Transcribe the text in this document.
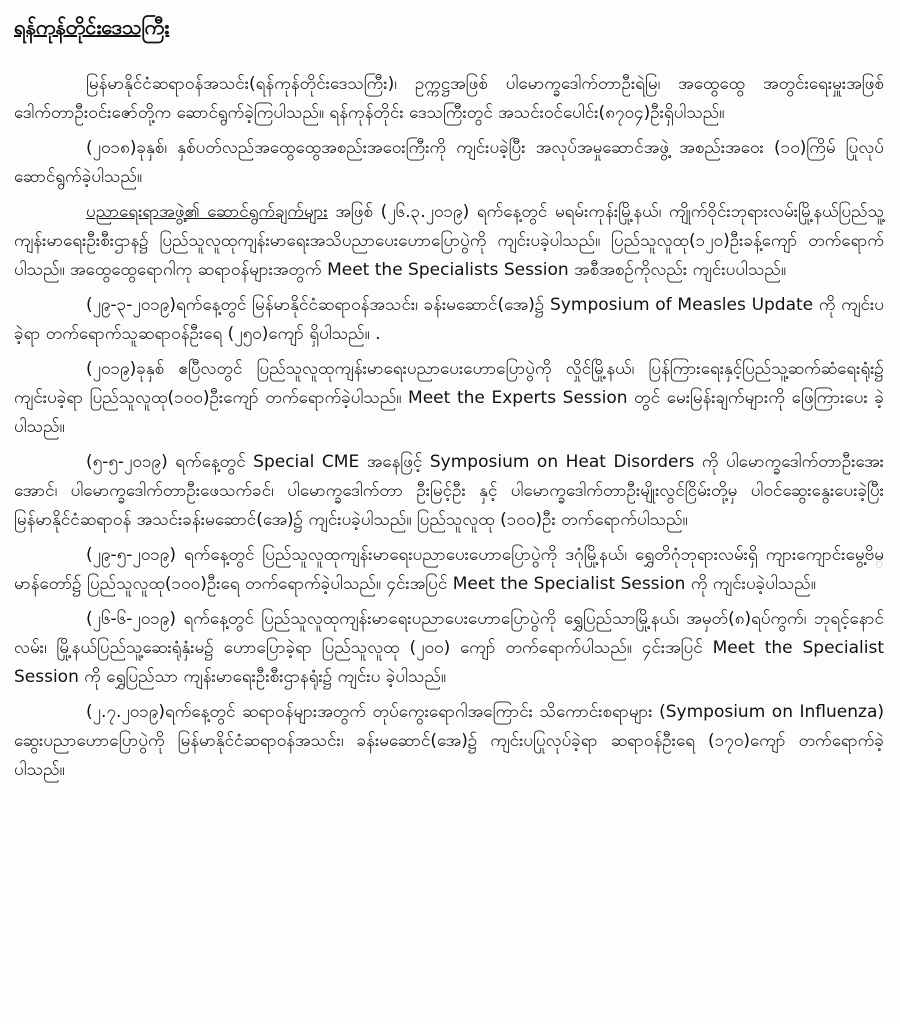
ရန်ကုန်တိုင်းဒေသကြီး

မြန်မာနိုင်ငံဆရာဝန်အသင်း(ရန်ကုန်တိုင်းဒေသကြီး)၊ ဥက္ကဋ္ဌအဖြစ် ပါမောက္ခဒေါက်တာဦးရဲမြ၊ အထွေထွေ အတွင်းရေးမှူးအဖြစ် ဒေါက်တာဦးဝင်းဇော်တို့က ဆောင်ရွက်ခဲ့ကြပါသည်။ ရန်ကုန်တိုင်း ဒေသကြီးတွင် အသင်းဝင်ပေါင်း(၈၇၀၄)ဦးရှိပါသည်။

(၂၀၁၈)ခုနှစ်၊ နှစ်ပတ်လည်အထွေထွေအစည်းအဝေးကြီးကို ကျင်းပခဲ့ပြီး အလုပ်အမှုဆောင်အဖွဲ့ အစည်းအဝေး (၁၀)ကြိမ် ပြုလုပ်ဆောင်ရွက်ခဲ့ပါသည်။

ပညာရေးရာအဖွဲ့၏ ဆောင်ရွက်ချက်များ အဖြစ် (၂၆.၃.၂၀၁၉) ရက်နေ့တွင် မရမ်းကုန်းမြို့နယ်၊ ကျိုက်ဝိုင်းဘုရားလမ်းမြို့နယ်ပြည်သူ့ကျန်းမာရေးဦးစီးဌာန၌ ပြည်သူလူထုကျန်းမာရေးအသိပညာပေးဟောပြောပွဲကို ကျင်းပခဲ့ပါသည်။ ပြည်သူလူထု(၁၂၀)ဦးခန့်ကျော် တက်ရောက်ပါသည်။ အထွေထွေရောဂါကု ဆရာဝန်များအတွက် Meet the Specialists Session အစီအစဉ်ကိုလည်း ကျင်းပပါသည်။

(၂၉-၃-၂၀၁၉)ရက်နေ့တွင် မြန်မာနိုင်ငံဆရာဝန်အသင်း၊ ခန်းမဆောင်(အေ)၌ Symposium of Measles Update ကို ကျင်းပခဲ့ရာ တက်ရောက်သူဆရာဝန်ဦးရေ (၂၅၀)ကျော် ရှိပါသည်။ .

(၂၀၁၉)ခုနှစ် ဧပြီလတွင် ပြည်သူလူထုကျန်းမာရေးပညာပေးဟောပြောပွဲကို လှိုင်မြို့နယ်၊ ပြန်ကြားရေးနှင့်ပြည်သူ့ဆက်ဆံရေးရုံး၌ ကျင်းပခဲ့ရာ ပြည်သူလူထု(၁၀၀)ဦးကျော် တက်ရောက်ခဲ့ပါသည်။ Meet the Experts Session တွင် မေးမြန်းချက်များကို ဖြေကြားပေး ခဲ့ပါသည်။

(၅-၅-၂၀၁၉) ရက်နေ့တွင် Special CME အနေဖြင့် Symposium on Heat Disorders ကို ပါမောက္ခဒေါက်တာဦးအေးအောင်၊ ပါမောက္ခဒေါက်တာဦးဖေသက်ခင်၊ ပါမောက္ခဒေါက်တာ ဦးမြင့်ဦး နှင့် ပါမောက္ခဒေါက်တာဦးမျိုးလွင်ငြိမ်းတို့မှ ပါဝင်ဆွေးနွေးပေးခဲ့ပြီး မြန်မာနိုင်ငံဆရာဝန် အသင်းခန်းမဆောင်(အေ)၌ ကျင်းပခဲ့ပါသည်။ ပြည်သူလူထု (၁၀၀)ဦး တက်ရောက်ပါသည်။

(၂၉-၅-၂၀၁၉) ရက်နေ့တွင် ပြည်သူလူထုကျန်းမာရေးပညာပေးဟောပြောပွဲကို ဒဂုံမြို့နယ်၊ ရွှေတိဂုံဘုရားလမ်းရှိ ကျားကျောင်းမွေ့ဗိမ္မာန်တော်၌ ပြည်သူလူထု(၁၀၀)ဦးရေ တက်ရောက်ခဲ့ပါသည်။ ၄င်းအပြင် Meet the Specialist Session ကို ကျင်းပခဲ့ပါသည်။

(၂၆-၆-၂၀၁၉) ရက်နေ့တွင် ပြည်သူလူထုကျန်းမာရေးပညာပေးဟောပြောပွဲကို ရွှေပြည်သာမြို့နယ်၊ အမှတ်(၈)ရပ်ကွက်၊ ဘုရင့်နောင်လမ်း၊ မြို့နယ်ပြည်သူ့ဆေးရုံနှံးမ၌ ဟောပြောခဲ့ရာ ပြည်သူလူထု (၂၀၀) ကျော် တက်ရောက်ပါသည်။ ၄င်းအပြင် Meet the Specialist Session ကို ရွှေပြည်သာ ကျန်းမာရေးဦးစီးဌာနရုံး၌ ကျင်းပ ခဲ့ပါသည်။

(၂.၇.၂၀၁၉)ရက်နေ့တွင် ဆရာဝန်များအတွက် တုပ်ကွေးရောဂါအကြောင်း သိကောင်းစရာများ (Symposium on Influenza) ဆွေးပညာဟောပြောပွဲကို မြန်မာနိုင်ငံဆရာဝန်အသင်း၊ ခန်းမဆောင်(အေ)၌ ကျင်းပပြုလုပ်ခဲ့ရာ ဆရာဝန်ဦးရေ (၁၇၀)ကျော် တက်ရောက်ခဲ့ပါသည်။
